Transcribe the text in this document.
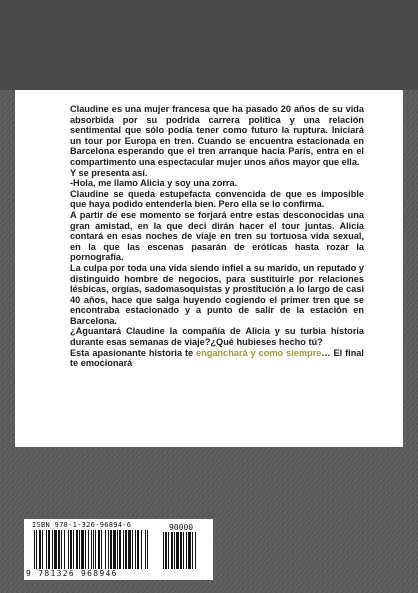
Claudine es una mujer francesa que ha pasado 20 años de su vida absorbida por su podrida carrera política y una relación sentimental que sólo podía tener como futuro la ruptura. Iniciará un tour por Europa en tren. Cuando se encuentra estacionada en Barcelona esperando que el tren arranque hacia París, entra en el compartimento una espectacular mujer unos años mayor que ella.

Y se presenta así.

-Hola, me llamo Alicia y soy una zorra.

Claudine se queda estupefacta convencida de que es imposible que haya podido entenderla bien. Pero ella se lo confirma.

A partir de ese momento se forjará entre estas desconocidas una gran amistad, en la que deci dirán hacer el tour juntas. Alicia contará en esas noches de viaje en tren su tortuosa vida sexual, en la que las escenas pasarán de eróticas hasta rozar la pornografía.

La culpa por toda una vida siendo infiel a su marido, un reputado y distinguido hombre de negocios, para sustituirle por relaciones lésbicas, orgías, sadomasoquistas y prostitución a lo largo de casi 40 años, hace que salga huyendo cogiendo el primer tren que se encontraba estacionado y a punto de salir de la estación en Barcelona.

¿Aguantará Claudine la compañía de Alicia y su turbia historia durante esas semanas de viaje?¿Qué hubieses hecho tú?

Esta apasionante historia te enganchará y como siempre… El final te emocionará

ISBN 978-1-326-96894-6	90000
9 781326 968946
